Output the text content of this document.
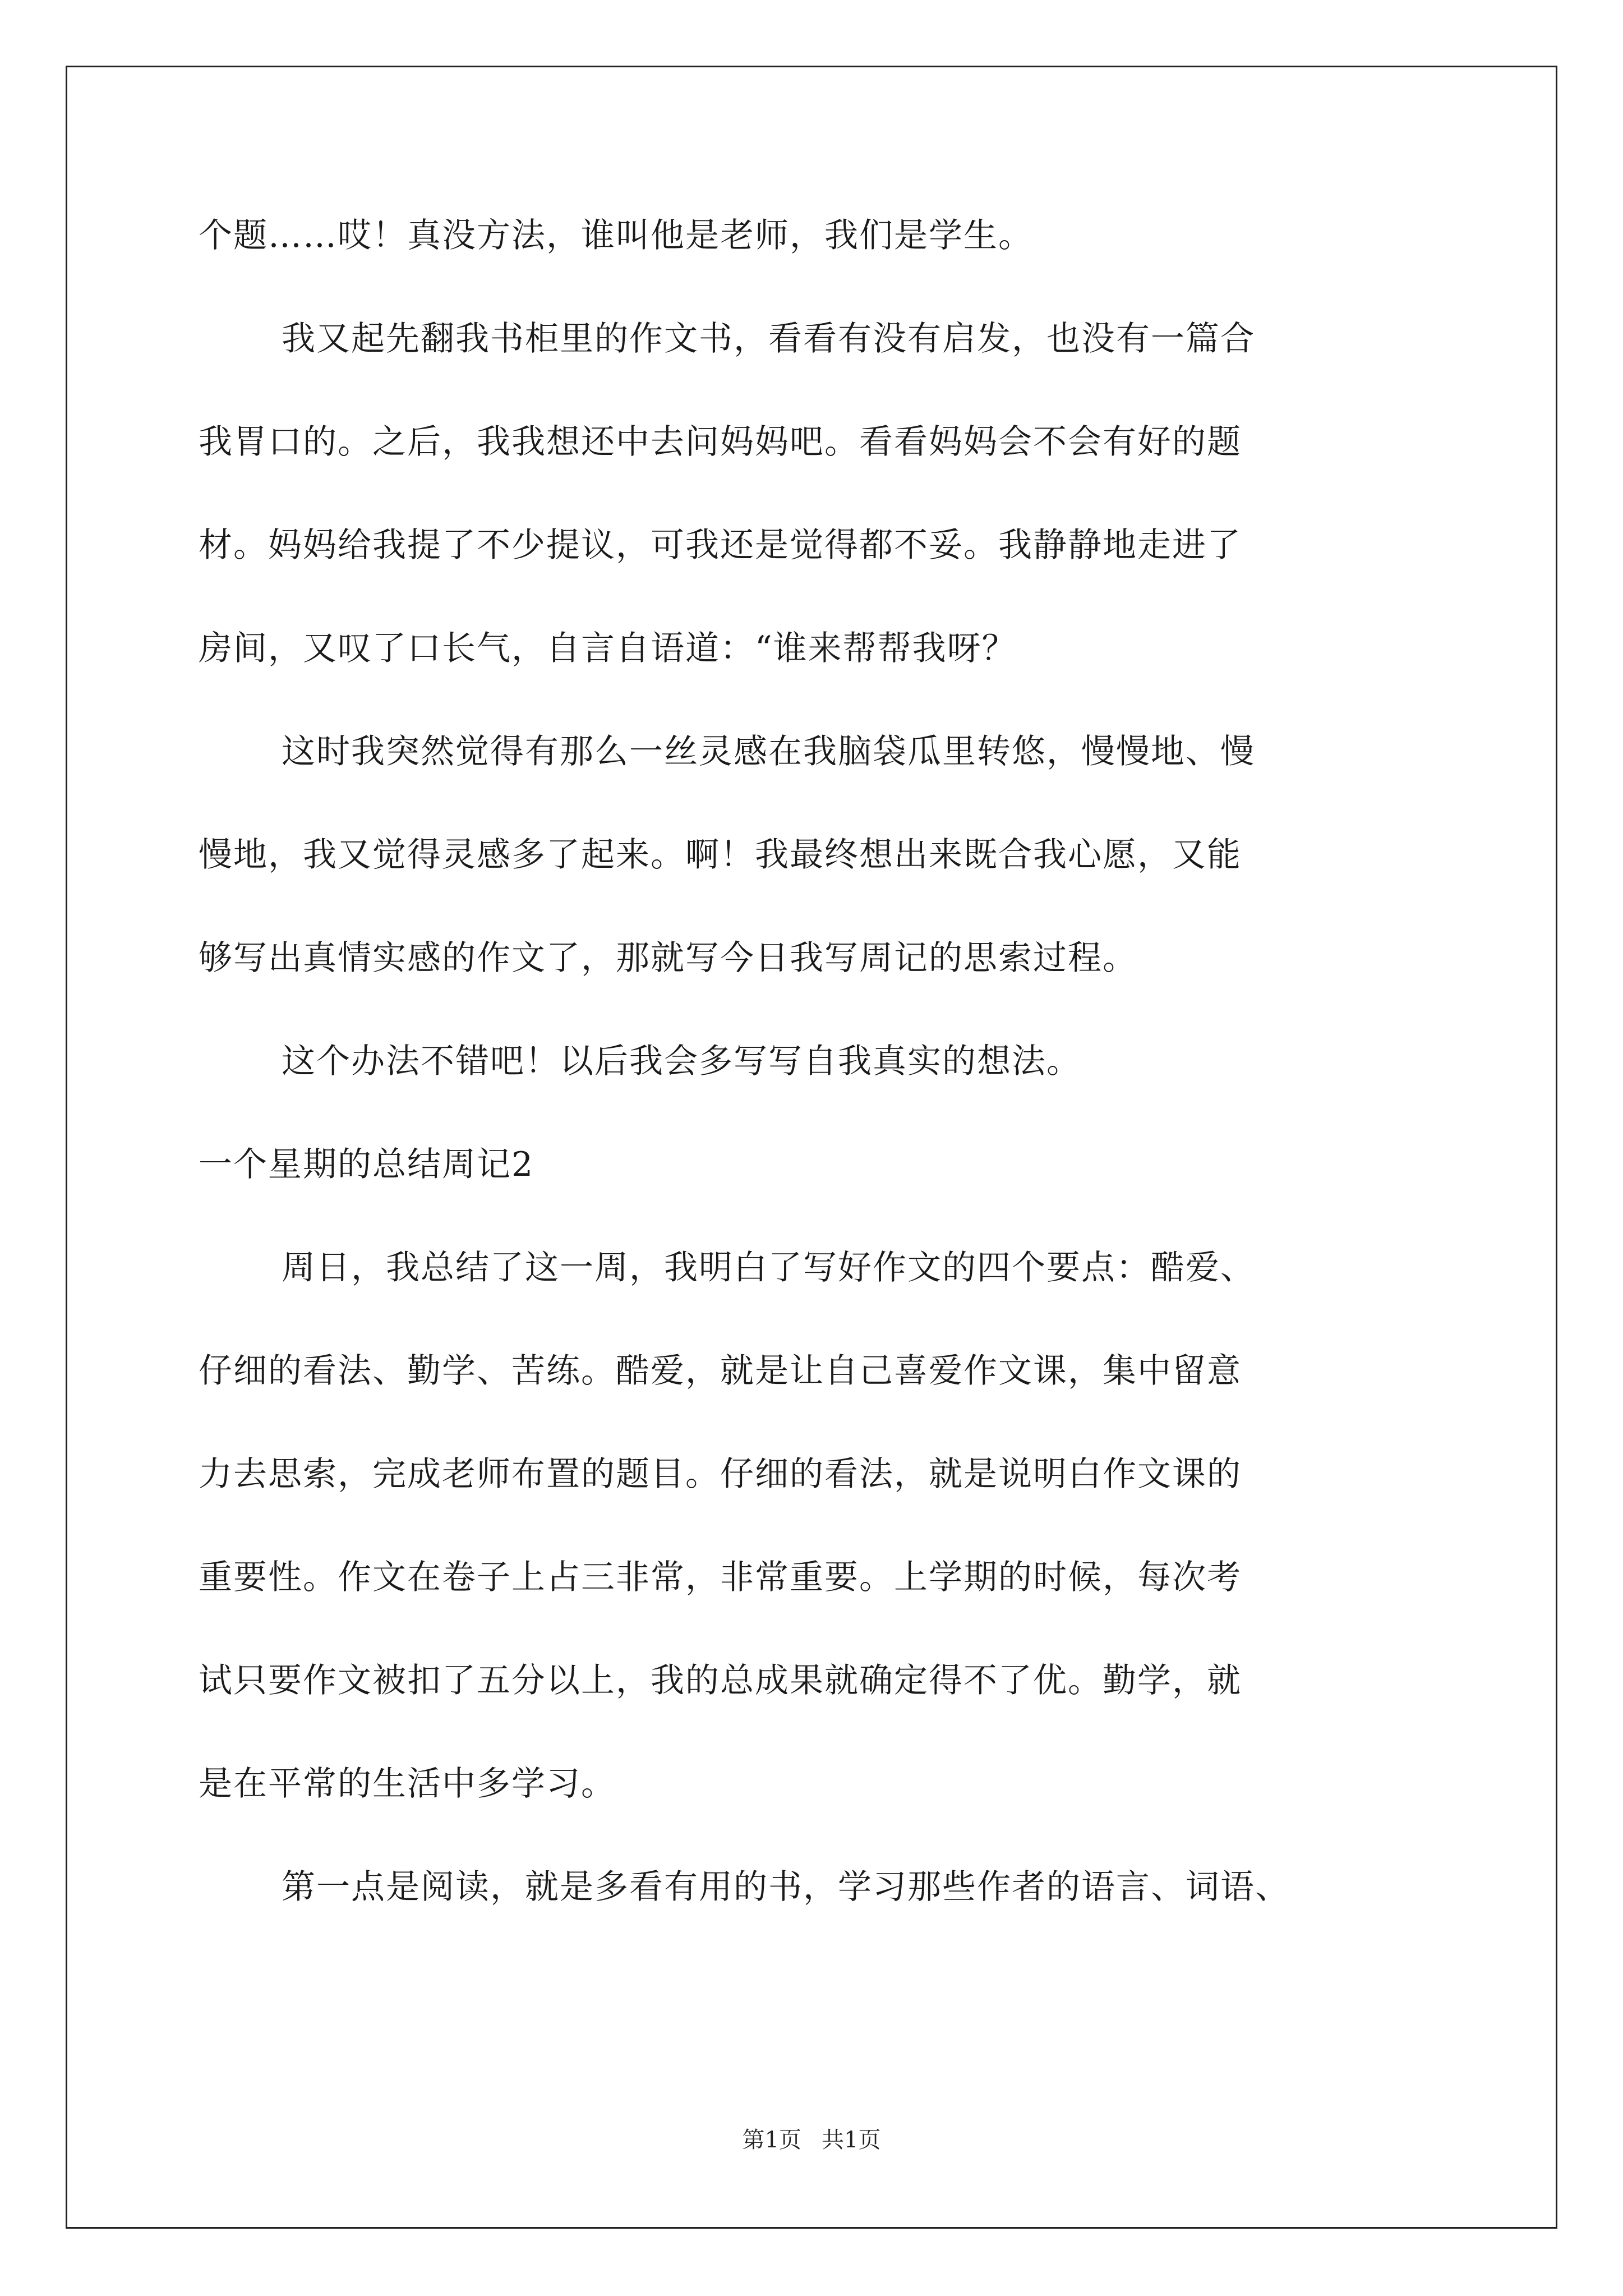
个题……哎！真没方法，谁叫他是老师，我们是学生。
我又起先翻我书柜里的作文书，看看有没有启发，也没有一篇合
我胃口的。之后，我我想还中去问妈妈吧。看看妈妈会不会有好的题
材。妈妈给我提了不少提议，可我还是觉得都不妥。我静静地走进了
房间，又叹了口长气，自言自语道：“谁来帮帮我呀？
这时我突然觉得有那么一丝灵感在我脑袋瓜里转悠，慢慢地、慢
慢地，我又觉得灵感多了起来。啊！我最终想出来既合我心愿，又能
够写出真情实感的作文了，那就写今日我写周记的思索过程。
这个办法不错吧！以后我会多写写自我真实的想法。
一个星期的总结周记2
周日，我总结了这一周，我明白了写好作文的四个要点：酷爱、
仔细的看法、勤学、苦练。酷爱，就是让自己喜爱作文课，集中留意
力去思索，完成老师布置的题目。仔细的看法，就是说明白作文课的
重要性。作文在卷子上占三非常，非常重要。上学期的时候，每次考
试只要作文被扣了五分以上，我的总成果就确定得不了优。勤学，就
是在平常的生活中多学习。
第一点是阅读，就是多看有用的书，学习那些作者的语言、词语、
第1页 共1页
